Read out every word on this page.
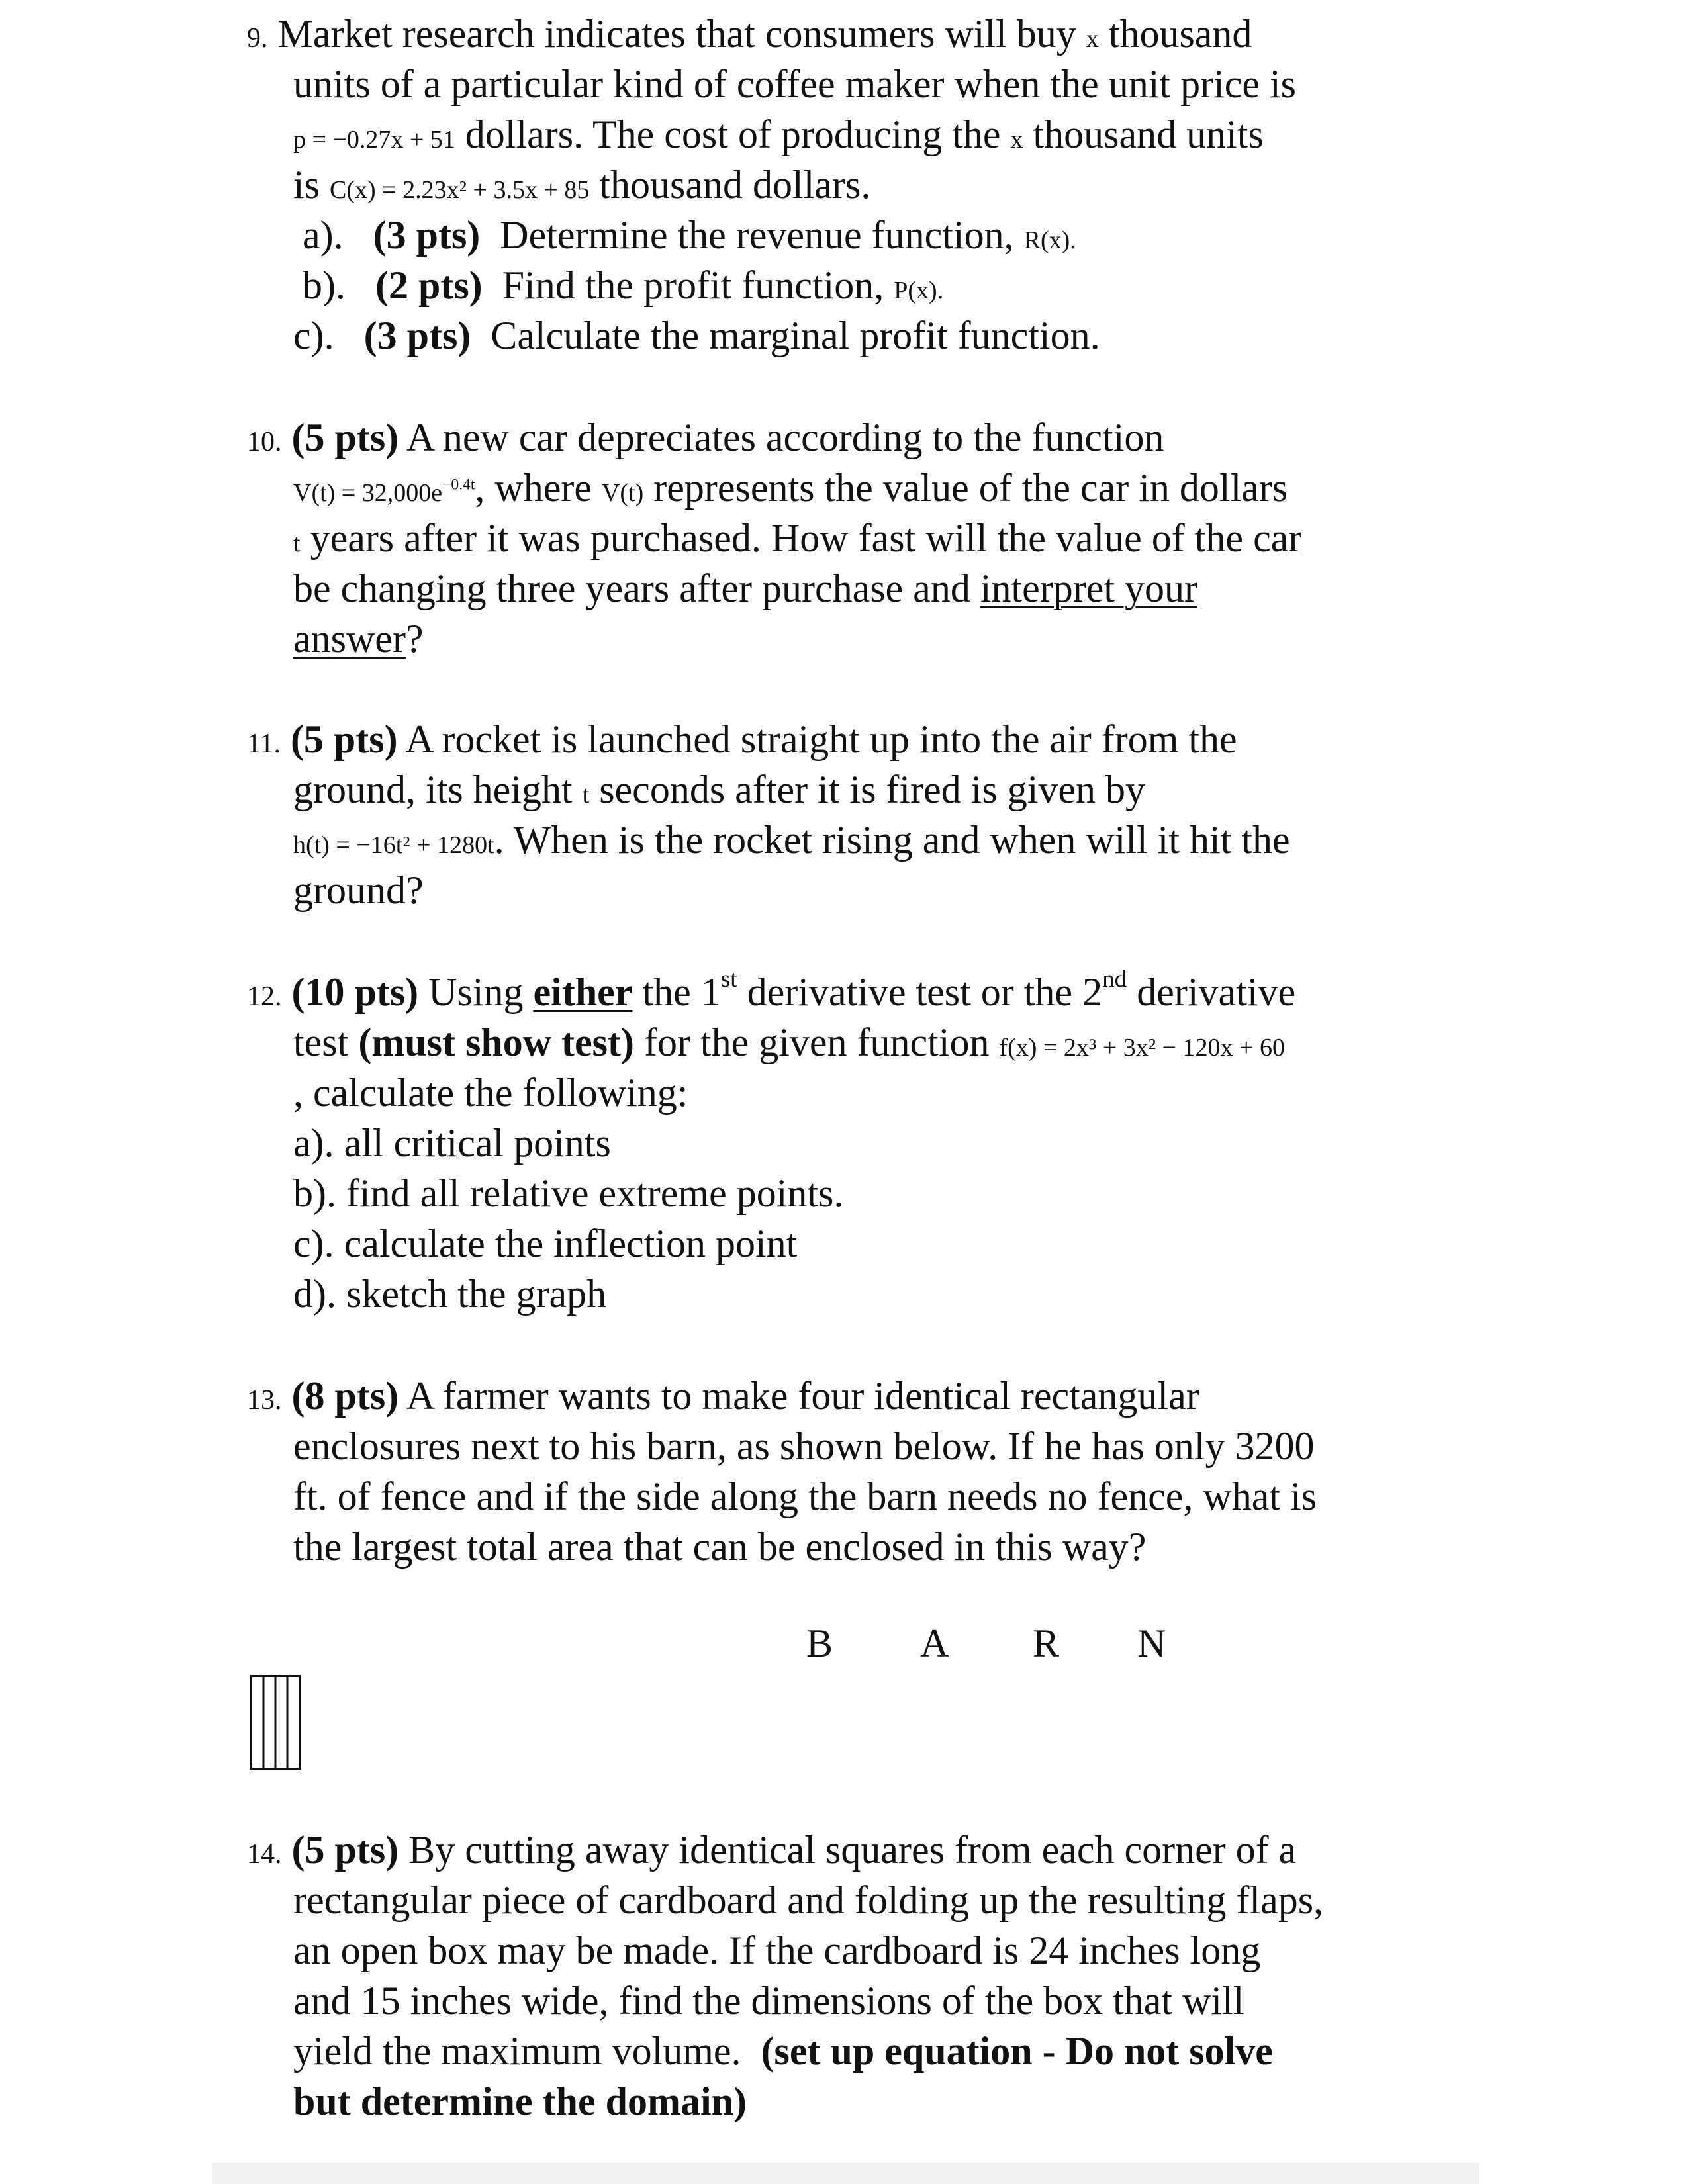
9. Market research indicates that consumers will buy x thousand
units of a particular kind of coffee maker when the unit price is
p = −0.27x + 51 dollars. The cost of producing the x thousand units
is C(x) = 2.23x² + 3.5x + 85 thousand dollars.
a). (3 pts) Determine the revenue function, R(x).
b). (2 pts) Find the profit function, P(x).
c). (3 pts) Calculate the marginal profit function.
10. (5 pts) A new car depreciates according to the function
$V(t) = 32,000e^{-0.4t}$, where V(t) represents the value of the car in dollars
t years after it was purchased. How fast will the value of the car
be changing three years after purchase and interpret your
answer?
11. (5 pts) A rocket is launched straight up into the air from the
ground, its height t seconds after it is fired is given by
h(t) = −16t² + 1280t. When is the rocket rising and when will it hit the
ground?
12. (10 pts) Using either the 1st derivative test or the 2nd derivative
test (must show test) for the given function f(x) = 2x³ + 3x² − 120x + 60
, calculate the following:
a). all critical points
b). find all relative extreme points.
c). calculate the inflection point
d). sketch the graph
13. (8 pts) A farmer wants to make four identical rectangular
enclosures next to his barn, as shown below. If he has only 3200
ft. of fence and if the side along the barn needs no fence, what is
the largest total area that can be enclosed in this way?
B A R N
14. (5 pts) By cutting away identical squares from each corner of a
rectangular piece of cardboard and folding up the resulting flaps,
an open box may be made. If the cardboard is 24 inches long
and 15 inches wide, find the dimensions of the box that will
yield the maximum volume. (set up equation - Do not solve
but determine the domain)
